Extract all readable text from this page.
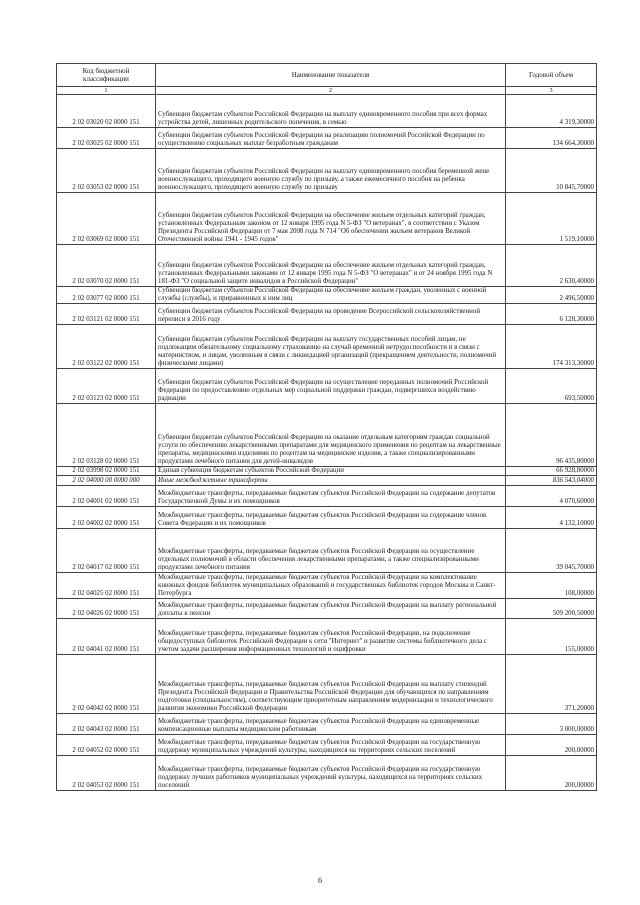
Код бюджетной классификации	Наименование показателя	Годовой объем
1	2	3
2 02 03020 02 0000 151	Субвенции бюджетам субъектов Российской Федерации на выплату единовременного пособия при всех формах устройства детей, лишенных родительского попечения, в семью	4 319,30000
2 02 03025 02 0000 151	Субвенции бюджетам субъектов Российской Федерации на реализацию полномочий Российской Федерации по осуществлению социальных выплат безработным гражданам	134 664,30000
2 02 03053 02 0000 151	Субвенции бюджетам субъектов Российской Федерации на выплату единовременного пособия беременной жене военнослужащего, проходящего военную службу по призыву, а также ежемесячного пособия на ребенка военнослужащего, проходящего военную службу по призыву	10 845,70000
2 02 03069 02 0000 151	Субвенции бюджетам субъектов Российской Федерации на обеспечение жильем отдельных категорий граждан, установленных Федеральным законом от 12 января 1995 года N 5-ФЗ "О ветеранах", в соответствии с Указом Президента Российской Федерации от 7 мая 2008 года N 714 "Об обеспечении жильем ветеранов Великой Отечественной войны 1941 - 1945 годов"	1 519,10000
2 02 03070 02 0000 151	Субвенции бюджетам субъектов Российской Федерации на обеспечение жильем отдельных категорий граждан, установленных Федеральными законами от 12 января 1995 года N 5-ФЗ "О ветеранах" и от 24 ноября 1995 года N 181-ФЗ "О социальной защите инвалидов в Российской Федерации"	2 630,40000
2 02 03077 02 0000 151	Субвенции бюджетам субъектов Российской Федерации на обеспечение жильем граждан, уволенных с военной службы (службы), и приравненных к ним лиц	2 496,50000
2 02 03121 02 0000 151	Субвенции бюджетам субъектов Российской Федерации на проведение Всероссийской сельскохозяйственной переписи в 2016 году	6 128,30000
2 02 03122 02 0000 151	Субвенции бюджетам субъектов Российской Федерации на выплату государственных пособий лицам, не подлежащим обязательному социальному страхованию на случай временной нетрудоспособности и в связи с материнством, и лицам, уволенным в связи с ликвидацией организаций (прекращением деятельности, полномочий физическими лицами)	174 313,30000
2 02 03123 02 0000 151	Субвенции бюджетам субъектов Российской Федерации на осуществление переданных полномочий Российской Федерации по предоставлению отдельных мер социальной поддержки граждан, подвергшихся воздействию радиации	693,50000
2 02 03128 02 0000 151	Субвенции бюджетам субъектов Российской Федерации на оказание отдельным категориям граждан социальной услуги по обеспечению лекарственными препаратами для медицинского применения по рецептам на лекарственные препараты, медицинскими изделиями по рецептам на медицинские изделия, а также специализированными продуктами лечебного питания для детей-инвалидов	96 435,80000
2 02 03998 02 0000 151	Единая субвенция бюджетам субъектов Российской Федерации	66 928,80000
2 02 04000 00 0000 000	Иные межбюджетные трансферты	836 543,04000
2 02 04001 02 0000 151	Межбюджетные трансферты, передаваемые бюджетам субъектов Российской Федерации на содержание депутатов Государственной Думы и их помощников	4 070,60000
2 02 04002 02 0000 151	Межбюджетные трансферты, передаваемые бюджетам субъектов Российской Федерации на содержание членов Совета Федерации и их помощников	4 132,10000
2 02 04017 02 0000 151	Межбюджетные трансферты, передаваемые бюджетам субъектов Российской Федерации на осуществление отдельных полномочий в области обеспечения лекарственными препаратами, а также специализированными продуктами лечебного питания	39 045,70000
2 02 04025 02 0000 151	Межбюджетные трансферты, передаваемые бюджетам субъектов Российской Федерации на комплектование книжных фондов библиотек муниципальных образований и государственных библиотек городов Москвы и Санкт-Петербурга	108,00000
2 02 04026 02 0000 151	Межбюджетные трансферты, передаваемые бюджетам субъектов Российской Федерации на выплату региональной доплаты к пенсии	509 200,50000
2 02 04041 02 0000 151	Межбюджетные трансферты, передаваемые бюджетам субъектов Российской Федерации, на подключение общедоступных библиотек Российской Федерации к сети "Интернет" и развитие системы библиотечного дела с учетом задачи расширения информационных технологий и оцифровки	155,00000
2 02 04042 02 0000 151	Межбюджетные трансферты, передаваемые бюджетам субъектов Российской Федерации на выплату стипендий Президента Российской Федерации и Правительства Российской Федерации для обучающихся по направлениям подготовки (специальностям), соответствующим приоритетным направлениям модернизации и технологического развития экономики Российской Федерации	371,20000
2 02 04043 02 0000 151	Межбюджетные трансферты, передаваемые бюджетам субъектов Российской Федерации на единовременные компенсационные выплаты медицинским работникам	3 000,00000
2 02 04052 02 0000 151	Межбюджетные трансферты, передаваемые бюджетам субъектов Российской Федерации на государственную поддержку муниципальных учреждений культуры, находящихся на территориях сельских поселений	200,00000
2 02 04053 02 0000 151	Межбюджетные трансферты, передаваемые бюджетам субъектов Российской Федерации на государственную поддержку лучших работников муниципальных учреждений культуры, находящихся на территориях сельских поселений	200,00000
6
